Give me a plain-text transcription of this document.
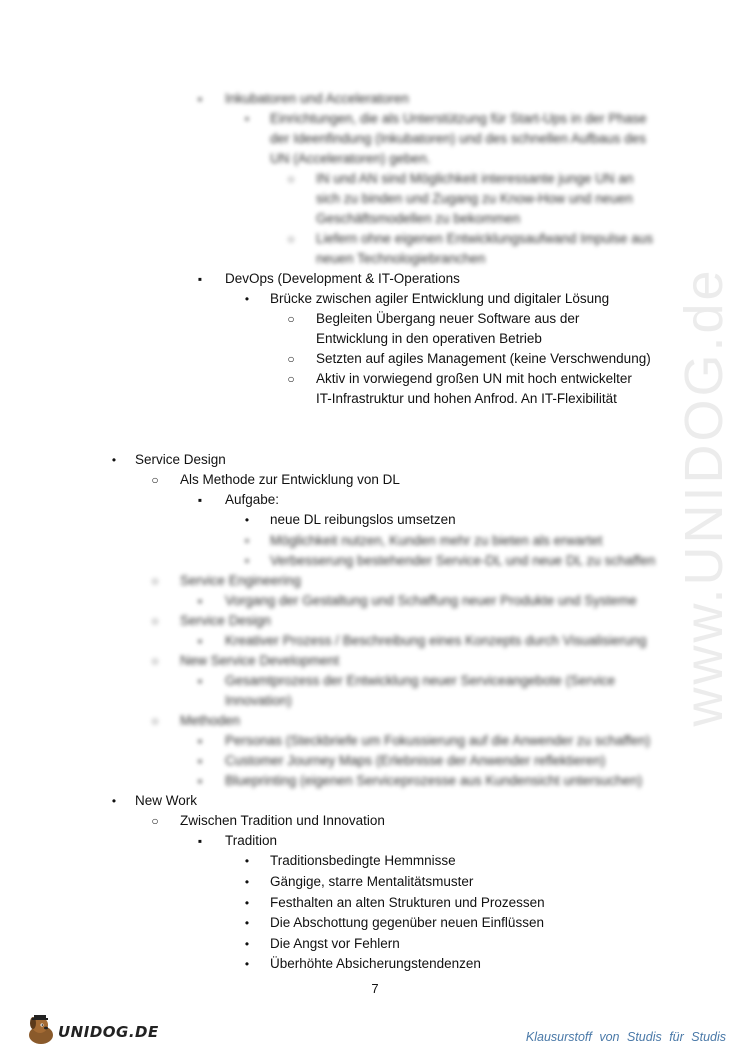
www.UNIDOG.de
▪	Inkubatoren und Acceleratoren
•	Einrichtungen, die als Unterstützung für Start-Ups in der Phase
der Ideenfindung (Inkubatoren) und des schnellen Aufbaus des
UN (Acceleratoren) geben.
○ IN und AN sind Möglichkeit interessante junge UN an
sich zu binden und Zugang zu Know-How und neuen
Geschäftsmodellen zu bekommen
○ Liefern ohne eigenen Entwicklungsaufwand Impulse aus
neuen Technologiebranchen
▪	DevOps (Development & IT-Operations
•	Brücke zwischen agiler Entwicklung und digitaler Lösung
○ Begleiten Übergang neuer Software aus der
Entwicklung in den operativen Betrieb
○ Setzten auf agiles Management (keine Verschwendung)
○ Aktiv in vorwiegend großen UN mit hoch entwickelter
IT-Infrastruktur und hohen Anfrod. An IT-Flexibilität
•	Service Design
○ Als Methode zur Entwicklung von DL
▪	Aufgabe:
•	neue DL reibungslos umsetzen
•	Möglichkeit nutzen, Kunden mehr zu bieten als erwartet
•	Verbesserung bestehender Service-DL und neue DL zu schaffen
○ Service Engineering
▪	Vorgang der Gestaltung und Schaffung neuer Produkte und Systeme
○ Service Design
▪	Kreativer Prozess / Beschreibung eines Konzepts durch Visualisierung
○ New Service Development
▪	Gesamtprozess der Entwicklung neuer Serviceangebote (Service
Innovation)
○ Methoden
▪	Personas (Steckbriefe um Fokussierung auf die Anwender zu schaffen)
▪	Customer Journey Maps (Erlebnisse der Anwender reflektieren)
▪	Blueprinting (eigenen Serviceprozesse aus Kundensicht untersuchen)
•	New Work
○ Zwischen Tradition und Innovation
▪	Tradition
•	Traditionsbedingte Hemmnisse
•	Gängige, starre Mentalitätsmuster
•	Festhalten an alten Strukturen und Prozessen
•	Die Abschottung gegenüber neuen Einflüssen
•	Die Angst vor Fehlern
•	Überhöhte Absicherungstendenzen
7
UNIDOG.DE	Klausurstoff von Studis für Studis
